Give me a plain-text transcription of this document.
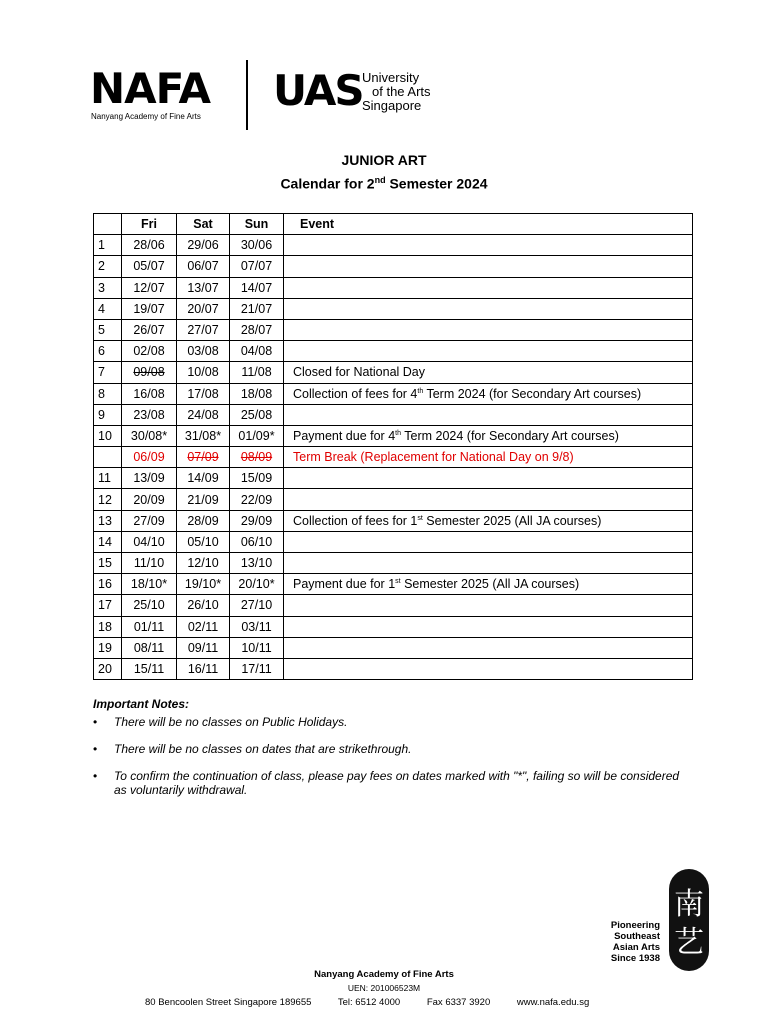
NAFA
Nanyang Academy of Fine Arts
UAS University
of the Arts
Singapore
JUNIOR ART
Calendar for 2nd Semester 2024
	Fri	Sat	Sun	Event
1	28/06	29/06	30/06	
2	05/07	06/07	07/07	
3	12/07	13/07	14/07	
4	19/07	20/07	21/07	
5	26/07	27/07	28/07	
6	02/08	03/08	04/08	
7	09/08	10/08	11/08	Closed for National Day
8	16/08	17/08	18/08	Collection of fees for 4th Term 2024 (for Secondary Art courses)
9	23/08	24/08	25/08	
10	30/08*	31/08*	01/09*	Payment due for 4th Term 2024 (for Secondary Art courses)
	06/09	07/09	08/09	Term Break (Replacement for National Day on 9/8)
11	13/09	14/09	15/09	
12	20/09	21/09	22/09	
13	27/09	28/09	29/09	Collection of fees for 1st Semester 2025 (All JA courses)
14	04/10	05/10	06/10	
15	11/10	12/10	13/10	
16	18/10*	19/10*	20/10*	Payment due for 1st Semester 2025 (All JA courses)
17	25/10	26/10	27/10	
18	01/11	02/11	03/11	
19	08/11	09/11	10/11	
20	15/11	16/11	17/11	
Important Notes:
• There will be no classes on Public Holidays.
• There will be no classes on dates that are strikethrough.
• To confirm the continuation of class, please pay fees on dates marked with "*", failing so will be considered as voluntarily withdrawal.
Pioneering
Southeast
Asian Arts
Since 1938
南
艺
Nanyang Academy of Fine Arts
UEN: 201006523M
80 Bencoolen Street Singapore 189655	Tel: 6512 4000	Fax 6337 3920	www.nafa.edu.sg
